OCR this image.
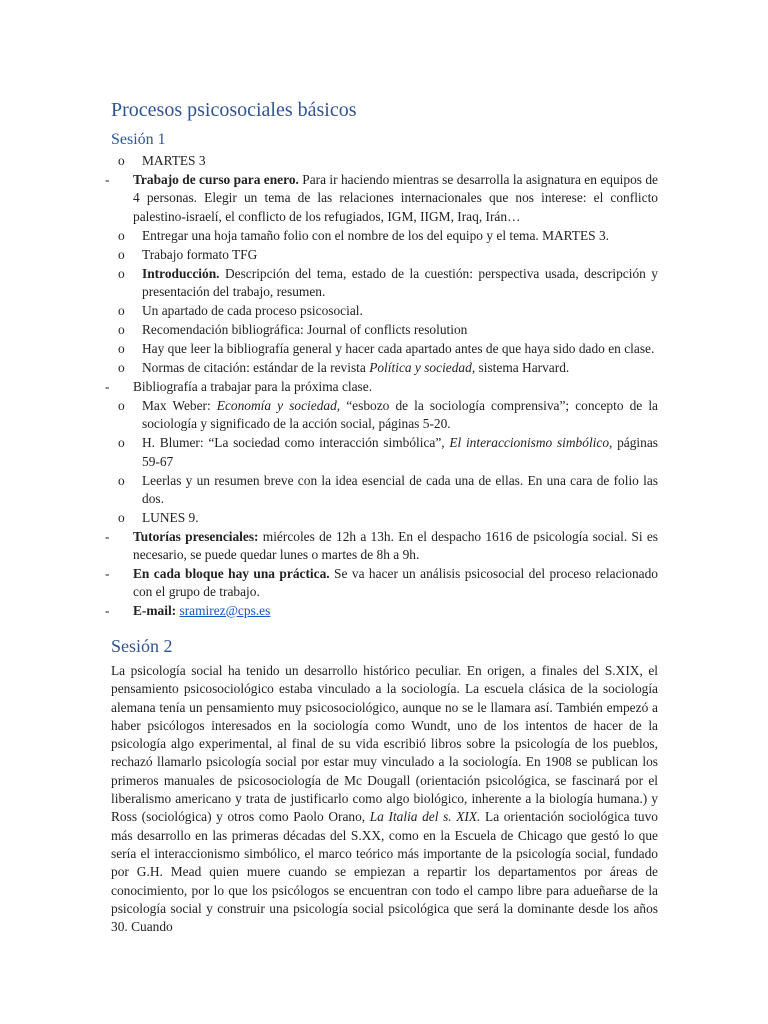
Procesos psicosociales básicos
Sesión 1
o MARTES 3
- Trabajo de curso para enero. Para ir haciendo mientras se desarrolla la asignatura en equipos de 4 personas. Elegir un tema de las relaciones internacionales que nos interese: el conflicto palestino-israelí, el conflicto de los refugiados, IGM, IIGM, Iraq, Irán…
o Entregar una hoja tamaño folio con el nombre de los del equipo y el tema. MARTES 3.
o Trabajo formato TFG
o Introducción. Descripción del tema, estado de la cuestión: perspectiva usada, descripción y presentación del trabajo, resumen.
o Un apartado de cada proceso psicosocial.
o Recomendación bibliográfica: Journal of conflicts resolution
o Hay que leer la bibliografía general y hacer cada apartado antes de que haya sido dado en clase.
o Normas de citación: estándar de la revista Política y sociedad, sistema Harvard.
- Bibliografía a trabajar para la próxima clase.
o Max Weber: Economía y sociedad, “esbozo de la sociología comprensiva”; concepto de la sociología y significado de la acción social, páginas 5-20.
o H. Blumer: “La sociedad como interacción simbólica”, El interaccionismo simbólico, páginas 59-67
o Leerlas y un resumen breve con la idea esencial de cada una de ellas. En una cara de folio las dos.
o LUNES 9.
- Tutorías presenciales: miércoles de 12h a 13h. En el despacho 1616 de psicología social. Si es necesario, se puede quedar lunes o martes de 8h a 9h.
- En cada bloque hay una práctica. Se va hacer un análisis psicosocial del proceso relacionado con el grupo de trabajo.
- E-mail: sramirez@cps.es
Sesión 2

La psicología social ha tenido un desarrollo histórico peculiar. En origen, a finales del S.XIX, el pensamiento psicosociológico estaba vinculado a la sociología. La escuela clásica de la sociología alemana tenía un pensamiento muy psicosociológico, aunque no se le llamara así. También empezó a haber psicólogos interesados en la sociología como Wundt, uno de los intentos de hacer de la psicología algo experimental, al final de su vida escribió libros sobre la psicología de los pueblos, rechazó llamarlo psicología social por estar muy vinculado a la sociología. En 1908 se publican los primeros manuales de psicosociología de Mc Dougall (orientación psicológica, se fascinará por el liberalismo americano y trata de justificarlo como algo biológico, inherente a la biología humana.) y Ross (sociológica) y otros como Paolo Orano, La Italia del s. XIX. La orientación sociológica tuvo más desarrollo en las primeras décadas del S.XX, como en la Escuela de Chicago que gestó lo que sería el interaccionismo simbólico, el marco teórico más importante de la psicología social, fundado por G.H. Mead quien muere cuando se empiezan a repartir los departamentos por áreas de conocimiento, por lo que los psicólogos se encuentran con todo el campo libre para adueñarse de la psicología social y construir una psicología social psicológica que será la dominante desde los años 30. Cuando
